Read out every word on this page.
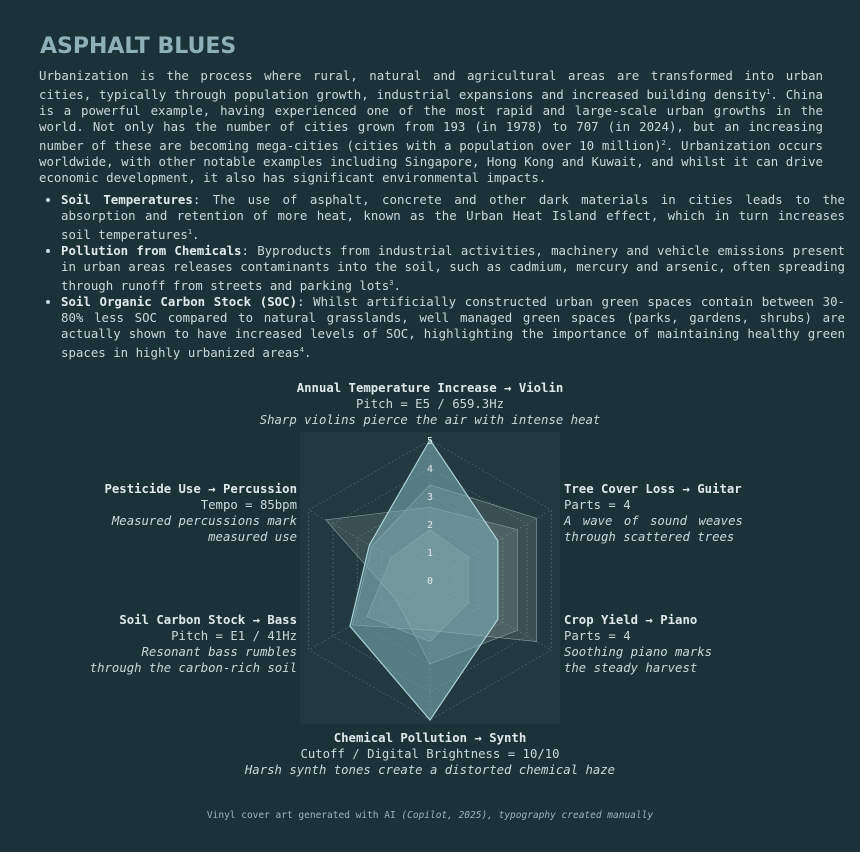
ASPHALT BLUES

Urbanization is the process where rural, natural and agricultural areas are transformed into urban cities, typically through population growth, industrial expansions and increased building density$^1$. China is a powerful example, having experienced one of the most rapid and large-scale urban growths in the world. Not only has the number of cities grown from 193 (in 1978) to 707 (in 2024), but an increasing number of these are becoming mega-cities (cities with a population over 10 million)$^2$. Urbanization occurs worldwide, with other notable examples including Singapore, Hong Kong and Kuwait, and whilst it can drive economic development, it also has significant environmental impacts.

• Soil Temperatures: The use of asphalt, concrete and other dark materials in cities leads to the absorption and retention of more heat, known as the Urban Heat Island effect, which in turn increases soil temperatures$^1$.
• Pollution from Chemicals: Byproducts from industrial activities, machinery and vehicle emissions present in urban areas releases contaminants into the soil, such as cadmium, mercury and arsenic, often spreading through runoff from streets and parking lots$^3$.
• Soil Organic Carbon Stock (SOC): Whilst artificially constructed urban green spaces contain between 30-80% less SOC compared to natural grasslands, well managed green spaces (parks, gardens, shrubs) are actually shown to have increased levels of SOC, highlighting the importance of maintaining healthy green spaces in highly urbanized areas$^4$.
Annual Temperature Increase → Violin
Pitch = E5 / 659.3Hz
Sharp violins pierce the air with intense heat
Tree Cover Loss → Guitar
Parts = 4
A wave of sound weaves
through scattered trees
Crop Yield → Piano
Parts = 4
Soothing piano marks
the steady harvest
Chemical Pollution → Synth
Cutoff / Digital Brightness = 10/10
Harsh synth tones create a distorted chemical haze
Soil Carbon Stock → Bass
Pitch = E1 / 41Hz
Resonant bass rumbles
through the carbon-rich soil
Pesticide Use → Percussion
Tempo = 85bpm
Measured percussions mark
measured use
0
1
2
3
4
5
Vinyl cover art generated with AI (Copilot, 2025), typography created manually
